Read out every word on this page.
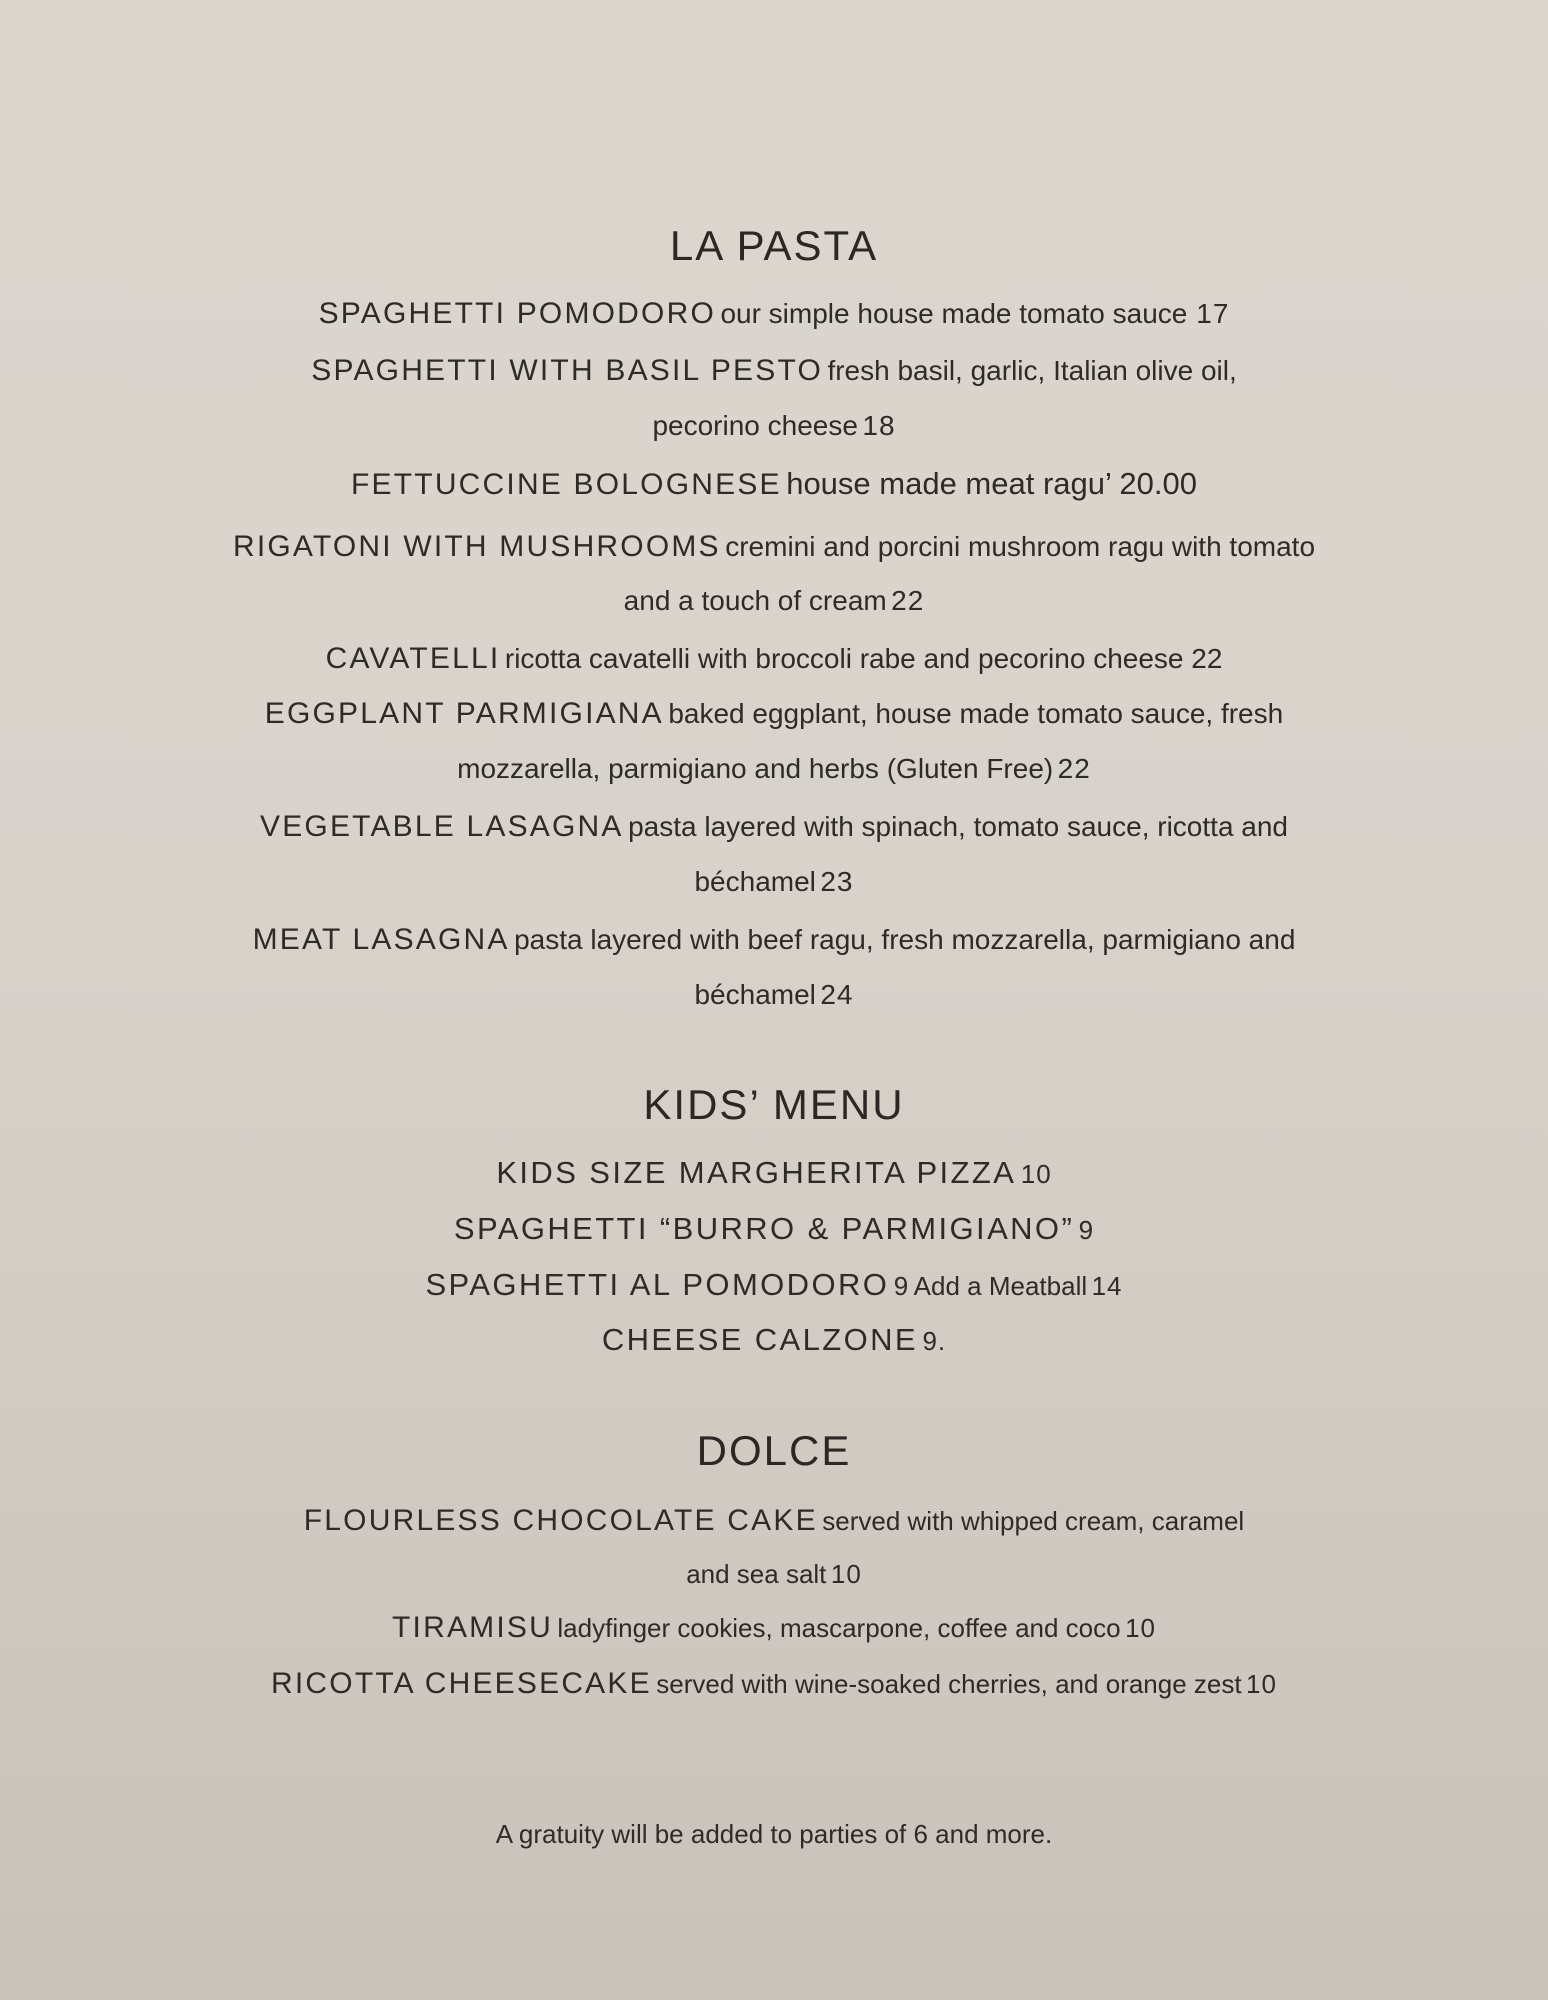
LA PASTA
SPAGHETTI POMODORO our simple house made tomato sauce 17
SPAGHETTI WITH BASIL PESTO fresh basil, garlic, Italian olive oil,
pecorino cheese 18
FETTUCCINE BOLOGNESE house made meat ragu’ 20.00
RIGATONI WITH MUSHROOMS cremini and porcini mushroom ragu with tomato
and a touch of cream 22
CAVATELLI ricotta cavatelli with broccoli rabe and pecorino cheese 22
EGGPLANT PARMIGIANA baked eggplant, house made tomato sauce, fresh
mozzarella, parmigiano and herbs (Gluten Free) 22
VEGETABLE LASAGNA pasta layered with spinach, tomato sauce, ricotta and
béchamel 23
MEAT LASAGNA pasta layered with beef ragu, fresh mozzarella, parmigiano and
béchamel 24
KIDS’ MENU
KIDS SIZE MARGHERITA PIZZA 10
SPAGHETTI “BURRO & PARMIGIANO” 9
SPAGHETTI AL POMODORO 9 Add a Meatball 14
CHEESE CALZONE 9.
DOLCE
FLOURLESS CHOCOLATE CAKE served with whipped cream, caramel
and sea salt 10
TIRAMISU ladyfinger cookies, mascarpone, coffee and coco 10
RICOTTA CHEESECAKE served with wine-soaked cherries, and orange zest 10
A gratuity will be added to parties of 6 and more.
